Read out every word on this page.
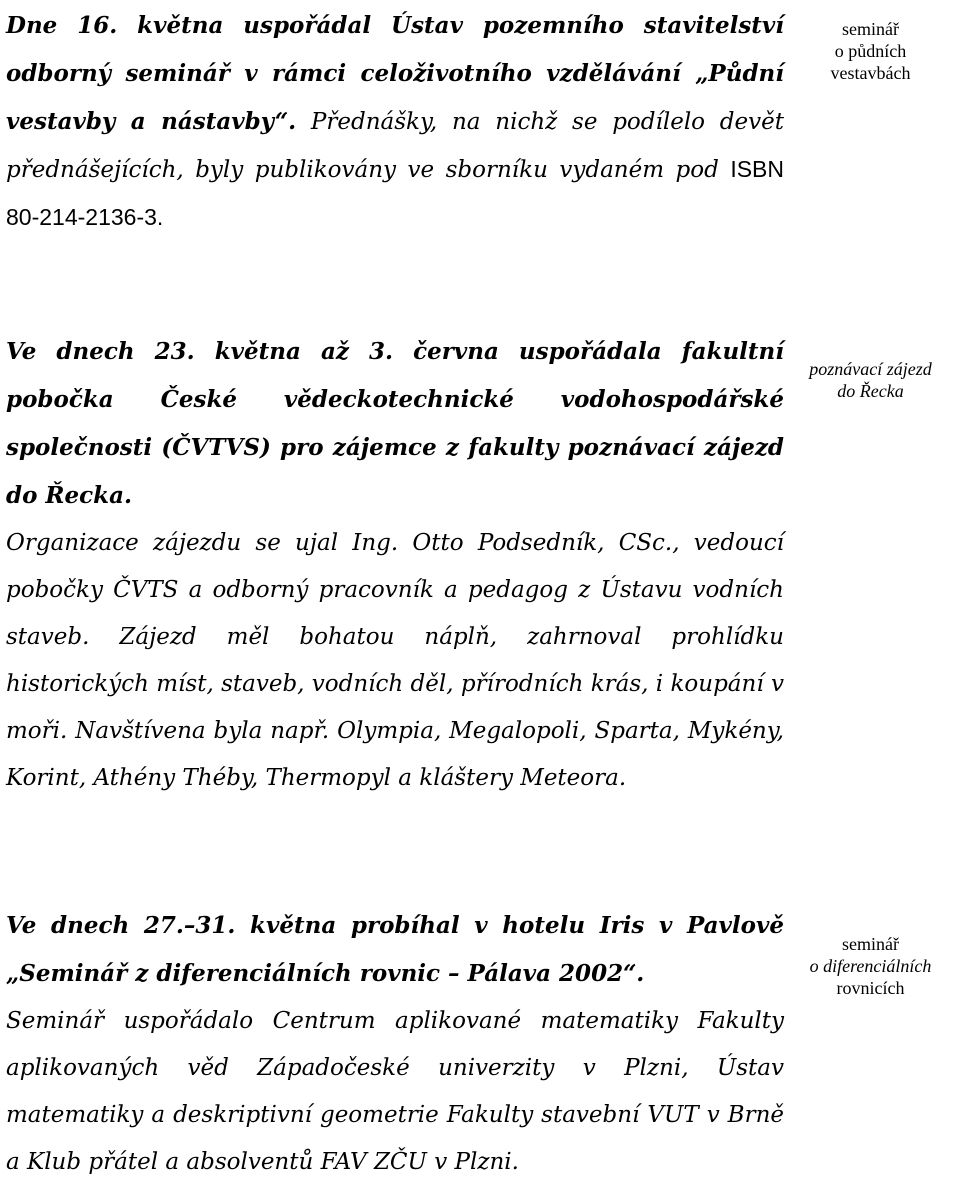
Dne 16. května uspořádal Ústav pozemního stavitelství odborný seminář v rámci celoživotního vzdělávání „Půdní vestavby a nástavby“. Přednášky, na nichž se podílelo devět přednášejících, byly publikovány ve sborníku vydaném pod ISBN 80-214-2136-3.

seminář
o půdních
vestavbách

Ve dnech 23. května až 3. června uspořádala fakultní pobočka České vědeckotechnické vodohospodářské společnosti (ČVTVS) pro zájemce z fakulty poznávací zájezd do Řecka.

Organizace zájezdu se ujal Ing. Otto Podsedník, CSc., vedoucí pobočky ČVTS a odborný pracovník a pedagog z Ústavu vodních staveb. Zájezd měl bohatou náplň, zahrnoval prohlídku historických míst, staveb, vodních děl, přírodních krás, i koupání v moři. Navštívena byla např. Olympia, Megalopoli, Sparta, Mykény, Korint, Athény Théby, Thermopyl a kláštery Meteora.

poznávací zájezd
do Řecka

Ve dnech 27.–31. května probíhal v hotelu Iris v Pavlově „Seminář z diferenciálních rovnic – Pálava 2002“.

Seminář uspořádalo Centrum aplikované matematiky Fakulty aplikovaných věd Západočeské univerzity v Plzni, Ústav matematiky a deskriptivní geometrie Fakulty stavební VUT v Brně a Klub přátel a absolventů FAV ZČU v Plzni.

seminář
o diferenciálních
rovnicích
